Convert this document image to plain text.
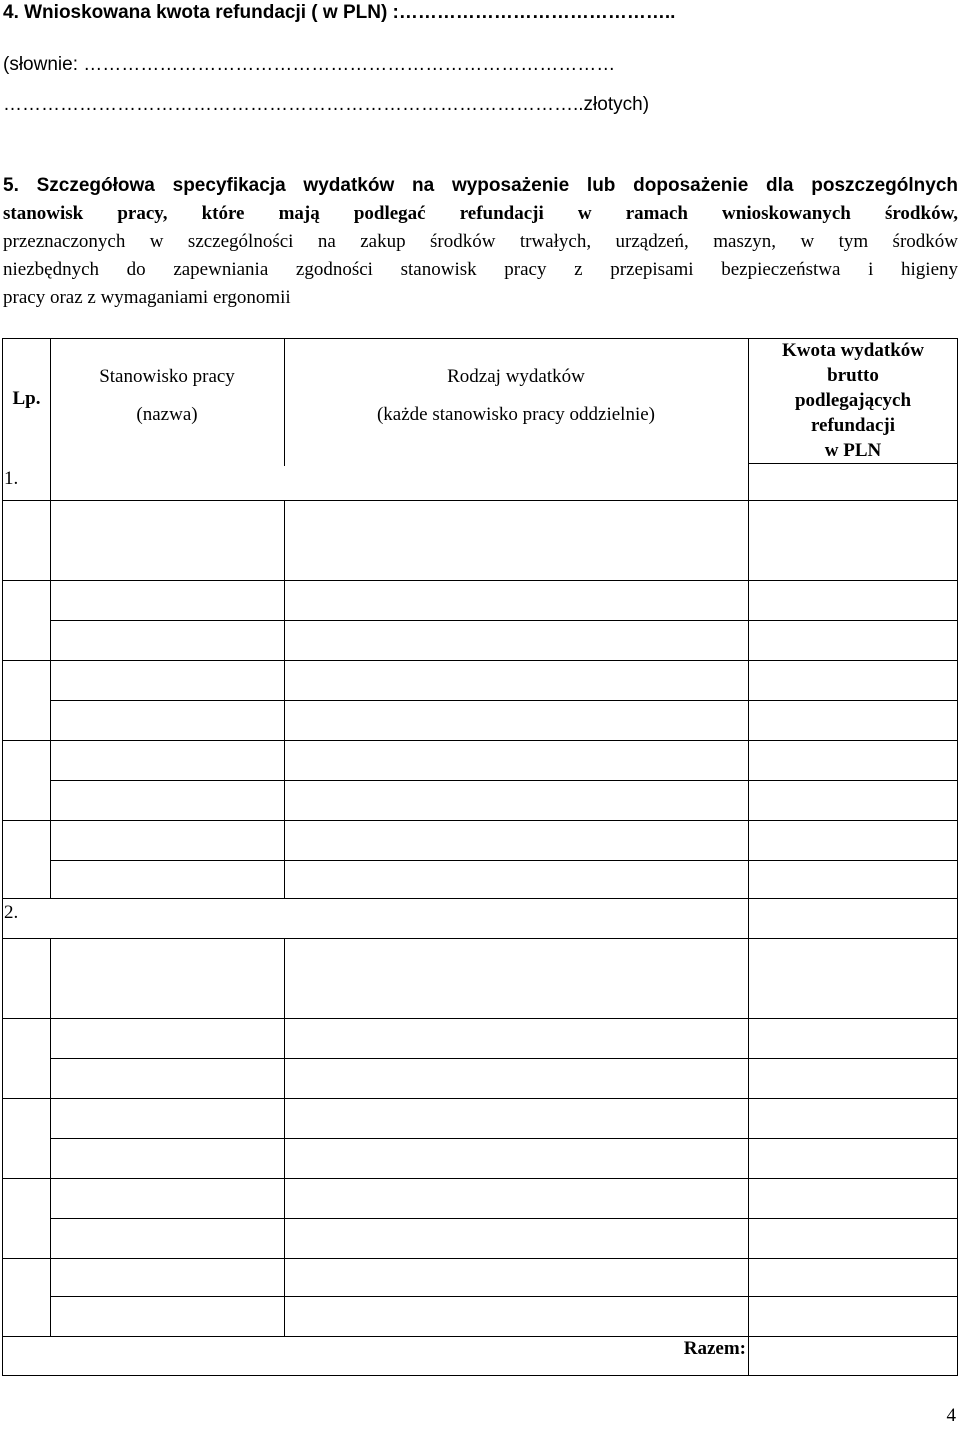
4. Wnioskowana kwota refundacji ( w PLN) :……………………………………..
(słownie: …………………………………………………………………………
………………………………………………………………………………..złotych)
5. Szczegółowa specyfikacja wydatków na wyposażenie lub doposażenie dla poszczególnych
stanowisk pracy, które mają podlegać refundacji w ramach wnioskowanych środków,
przeznaczonych w szczególności na zakup środków trwałych, urządzeń, maszyn, w tym środków
niezbędnych do zapewniania zgodności stanowisk pracy z przepisami bezpieczeństwa i higieny
pracy oraz z wymaganiami ergonomii
Lp.
Stanowisko pracy
(nazwa)
Rodzaj wydatków
(każde stanowisko pracy oddzielnie)
Kwota wydatków
brutto
podlegających
refundacji
w PLN
1.
2.
Razem:
4
